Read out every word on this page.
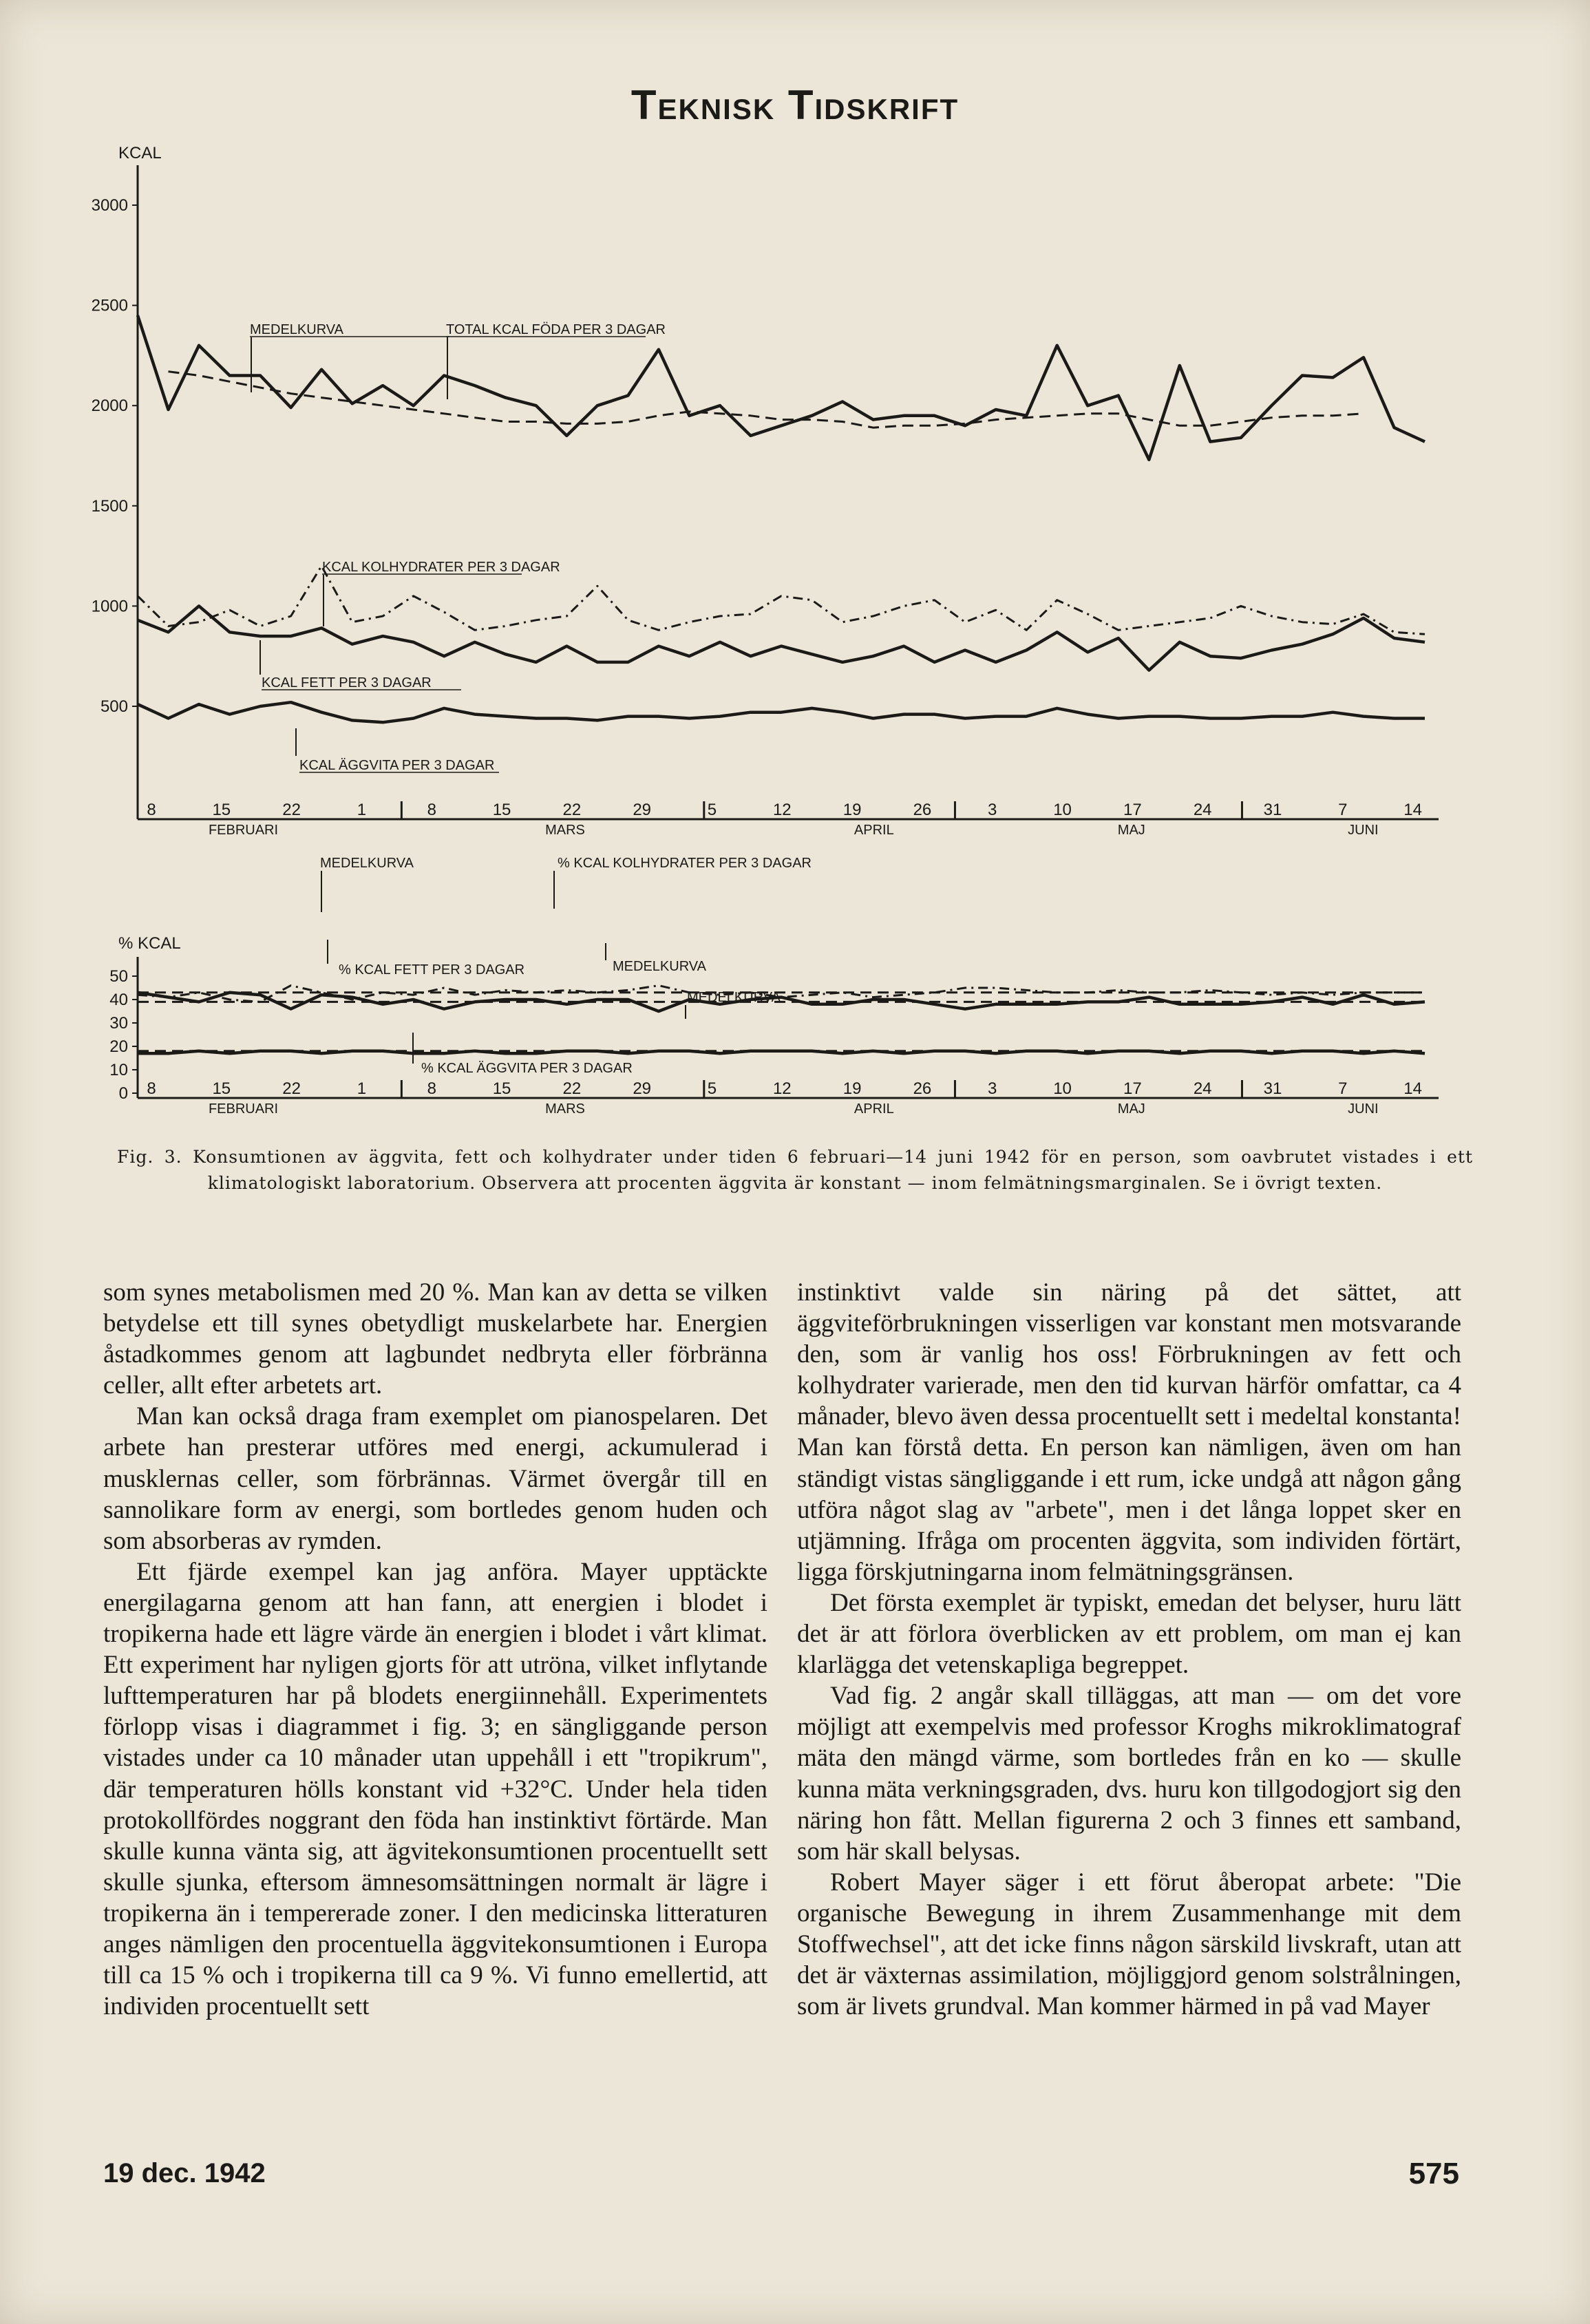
Teknisk Tidskrift
3000
2500
2000
1500
1000
500
KCAL
8	15	22	1	8	15	22	29	5	12	19	26	3	10	17	24	31	7	14
FEBRUARI	MARS	APRIL	MAJ	JUNI
50
40
30
20
10
0
% KCAL
8	15	22	1	8	15	22	29	5	12	19	26	3	10	17	24	31	7	14
FEBRUARI	MARS	APRIL	MAJ	JUNI
MEDELKURVA	TOTAL KCAL FÖDA PER 3 DAGAR
KCAL KOLHYDRATER PER 3 DAGAR
KCAL FETT PER 3 DAGAR
KCAL ÄGGVITA PER 3 DAGAR
MEDELKURVA	% KCAL KOLHYDRATER PER 3 DAGAR
% KCAL FETT PER 3 DAGAR	MEDELKURVA
MEDELKURVA
% KCAL ÄGGVITA PER 3 DAGAR
Fig. 3. Konsumtionen av äggvita, fett och kolhydrater under tiden 6 februari—14 juni 1942 för en person, som oavbrutet vistades i ett klimatologiskt laboratorium. Observera att procenten äggvita är konstant — inom felmätningsmarginalen. Se i övrigt texten.

som synes metabolismen med 20 %. Man kan av detta se vilken betydelse ett till synes obetydligt muskelarbete har. Energien åstadkommes genom att lagbundet nedbryta eller förbränna celler, allt efter arbetets art.

Man kan också draga fram exemplet om pianospelaren. Det arbete han presterar utföres med energi, ackumulerad i musklernas celler, som förbrännas. Värmet övergår till en sannolikare form av energi, som bortledes genom huden och som absorberas av rymden.

Ett fjärde exempel kan jag anföra. Mayer upptäckte energilagarna genom att han fann, att energien i blodet i tropikerna hade ett lägre värde än energien i blodet i vårt klimat. Ett experiment har nyligen gjorts för att utröna, vilket inflytande lufttemperaturen har på blodets energiinnehåll. Experimentets förlopp visas i diagrammet i fig. 3; en sängliggande person vistades under ca 10 månader utan uppehåll i ett "tropikrum", där temperaturen hölls konstant vid +32°C. Under hela tiden protokollfördes noggrant den föda han instinktivt förtärde. Man skulle kunna vänta sig, att ägvitekonsumtionen procentuellt sett skulle sjunka, eftersom ämnesomsättningen normalt är lägre i tropikerna än i tempererade zoner. I den medicinska litteraturen anges nämligen den procentuella äggvitekonsumtionen i Europa till ca 15 % och i tropikerna till ca 9 %. Vi funno emellertid, att individen procentuellt sett

instinktivt valde sin näring på det sättet, att äggviteförbrukningen visserligen var konstant men motsvarande den, som är vanlig hos oss! Förbrukningen av fett och kolhydrater varierade, men den tid kurvan härför omfattar, ca 4 månader, blevo även dessa procentuellt sett i medeltal konstanta! Man kan förstå detta. En person kan nämligen, även om han ständigt vistas sängliggande i ett rum, icke undgå att någon gång utföra något slag av "arbete", men i det långa loppet sker en utjämning. Ifråga om procenten äggvita, som individen förtärt, ligga förskjutningarna inom felmätningsgränsen.

Det första exemplet är typiskt, emedan det belyser, huru lätt det är att förlora överblicken av ett problem, om man ej kan klarlägga det vetenskapliga begreppet.

Vad fig. 2 angår skall tilläggas, att man — om det vore möjligt att exempelvis med professor Kroghs mikroklimatograf mäta den mängd värme, som bortledes från en ko — skulle kunna mäta verkningsgraden, dvs. huru kon tillgodogjort sig den näring hon fått. Mellan figurerna 2 och 3 finnes ett samband, som här skall belysas.

Robert Mayer säger i ett förut åberopat arbete: "Die organische Bewegung in ihrem Zusammenhange mit dem Stoffwechsel", att det icke finns någon särskild livskraft, utan att det är växternas assimilation, möjliggjord genom solstrålningen, som är livets grundval. Man kommer härmed in på vad Mayer

19 dec. 1942	575
